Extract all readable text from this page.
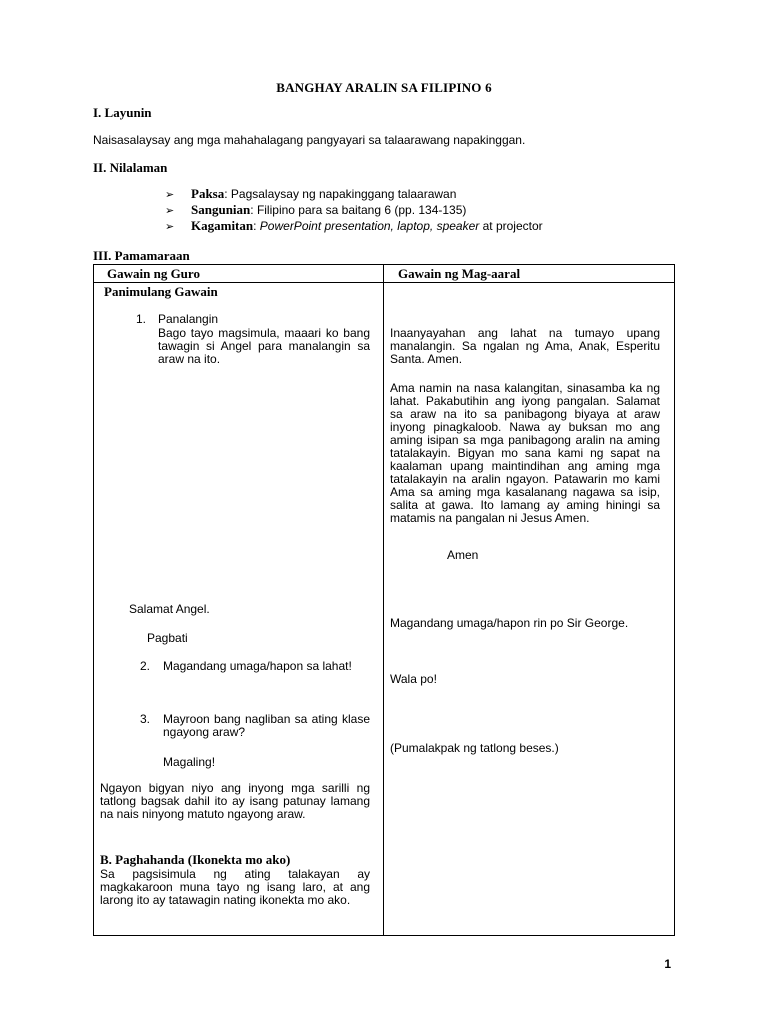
BANGHAY ARALIN SA FILIPINO 6
I. Layunin
Naisasalaysay ang mga mahahalagang pangyayari sa talaarawang napakinggan.
II. Nilalaman
➢ Paksa: Pagsalaysay ng napakinggang talaarawan
➢ Sangunian: Filipino para sa baitang 6 (pp. 134-135)
➢ Kagamitan: PowerPoint presentation, laptop, speaker at projector
III. Pamamaraan
Gawain ng Guro	Gawain ng Mag-aaral
Panimulang Gawain
1. Panalangin
Bago tayo magsimula, maaari ko bang tawagin si Angel para manalangin sa araw na ito.
Salamat Angel.
Pagbati
2. Magandang umaga/hapon sa lahat!
3. Mayroon bang nagliban sa ating klase ngayong araw?
Magaling!
Ngayon bigyan niyo ang inyong mga sarilli ng tatlong bagsak dahil ito ay isang patunay lamang na nais ninyong matuto ngayong araw.
B. Paghahanda (Ikonekta mo ako)
Sa pagsisimula ng ating talakayan ay magkakaroon muna tayo ng isang laro, at ang larong ito ay tatawagin nating ikonekta mo ako.
Inaanyayahan ang lahat na tumayo upang manalangin. Sa ngalan ng Ama, Anak, Esperitu Santa. Amen.
Ama namin na nasa kalangitan, sinasamba ka ng lahat. Pakabutihin ang iyong pangalan. Salamat sa araw na ito sa panibagong biyaya at araw inyong pinagkaloob. Nawa ay buksan mo ang aming isipan sa mga panibagong aralin na aming tatalakayin. Bigyan mo sana kami ng sapat na kaalaman upang maintindihan ang aming mga tatalakayin na aralin ngayon. Patawarin mo kami Ama sa aming mga kasalanang nagawa sa isip, salita at gawa. Ito lamang ay aming hiningi sa matamis na pangalan ni Jesus Amen.
Amen
Magandang umaga/hapon rin po Sir George.
Wala po!
(Pumalakpak ng tatlong beses.)
1
